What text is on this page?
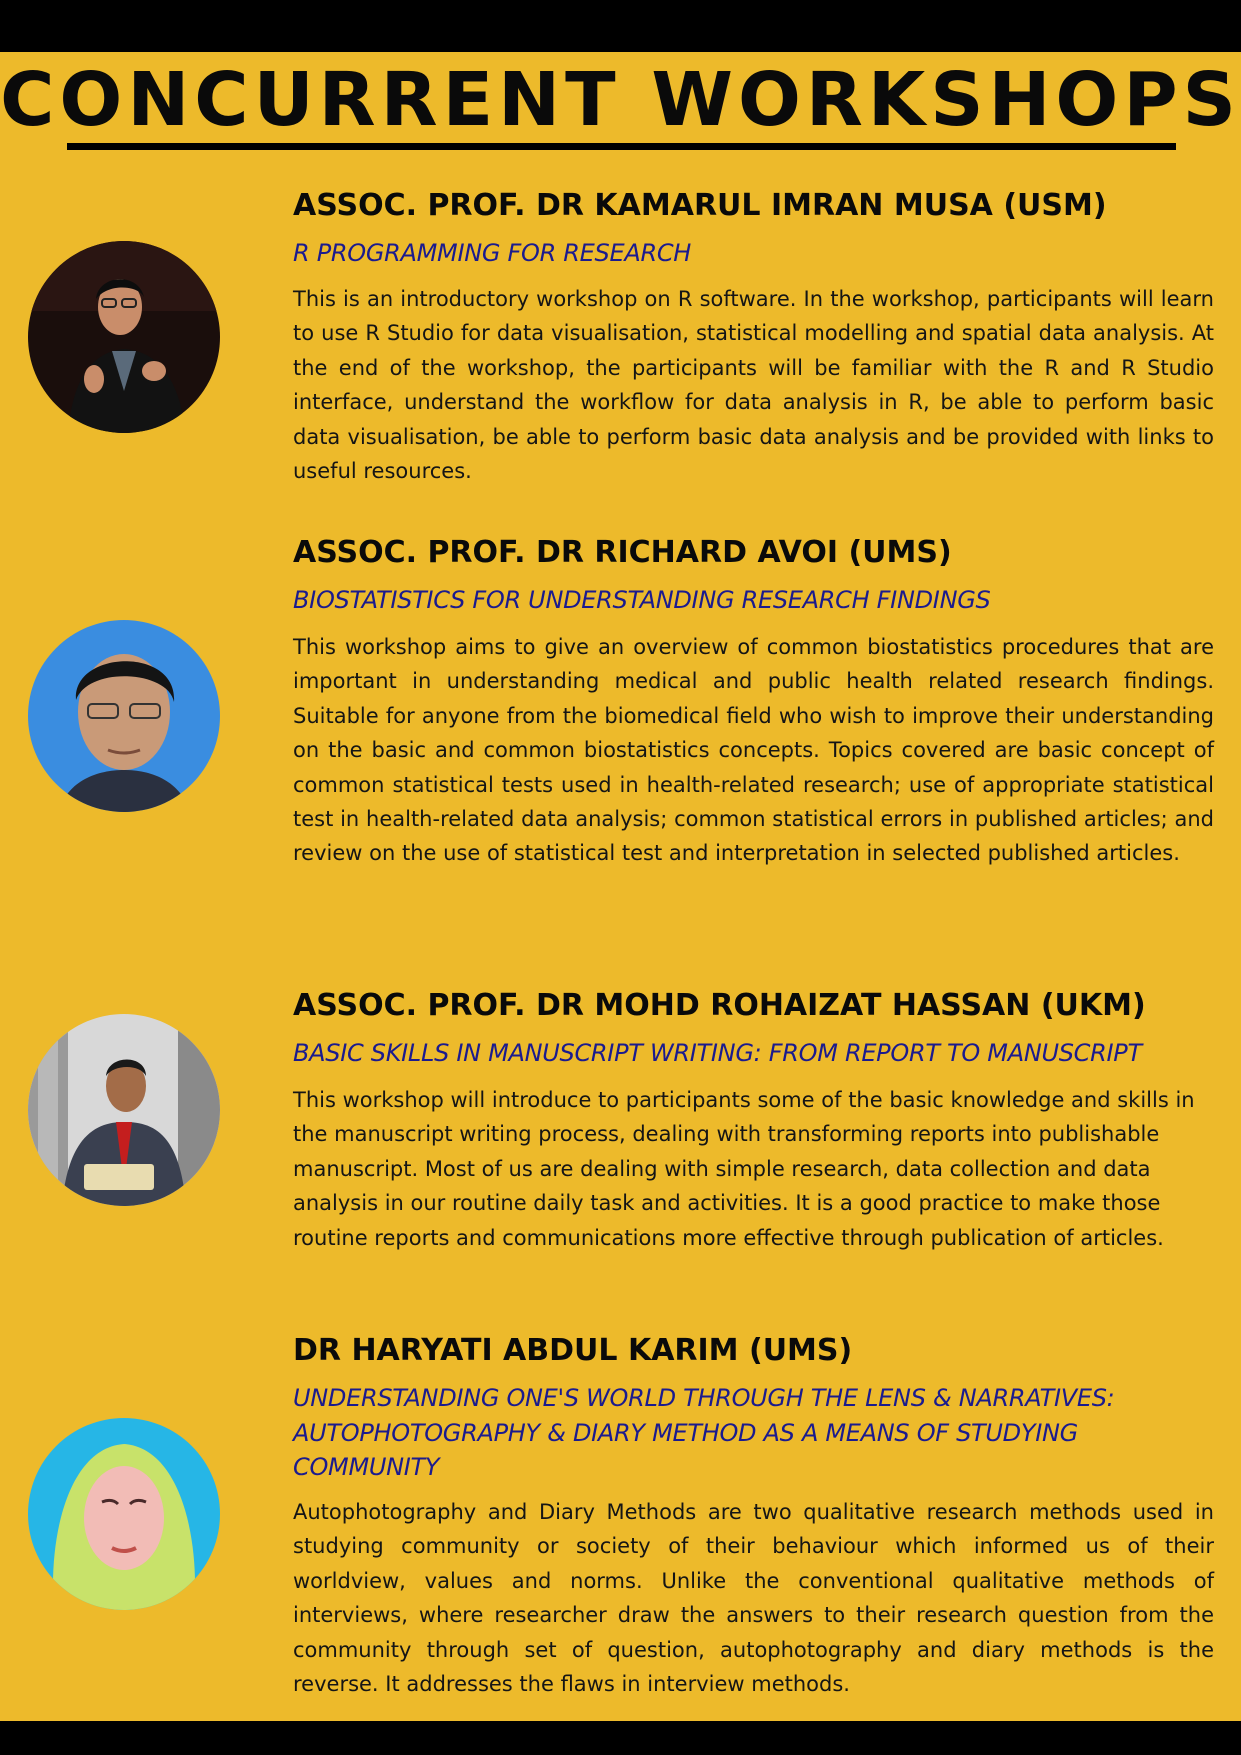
CONCURRENT WORKSHOPS
ASSOC. PROF. DR KAMARUL IMRAN MUSA (USM)
R PROGRAMMING FOR RESEARCH
This is an introductory workshop on R software. In the workshop, participants will learn to use R Studio for data visualisation, statistical modelling and spatial data analysis. At the end of the workshop, the participants will be familiar with the R and R Studio interface, understand the workflow for data analysis in R, be able to perform basic data visualisation, be able to perform basic data analysis and be provided with links to useful resources.
ASSOC. PROF. DR RICHARD AVOI (UMS)
BIOSTATISTICS FOR UNDERSTANDING RESEARCH FINDINGS
This workshop aims to give an overview of common biostatistics procedures that are important in understanding medical and public health related research findings. Suitable for anyone from the biomedical field who wish to improve their understanding on the basic and common biostatistics concepts. Topics covered are basic concept of common statistical tests used in health-related research; use of appropriate statistical test in health-related data analysis; common statistical errors in published articles; and review on the use of statistical test and interpretation in selected published articles.
ASSOC. PROF. DR MOHD ROHAIZAT HASSAN (UKM)
BASIC SKILLS IN MANUSCRIPT WRITING: FROM REPORT TO MANUSCRIPT
This workshop will introduce to participants some of the basic knowledge and skills in the manuscript writing process, dealing with transforming reports into publishable manuscript. Most of us are dealing with simple research, data collection and data analysis in our routine daily task and activities. It is a good practice to make those routine reports and communications more effective through publication of articles.
DR HARYATI ABDUL KARIM (UMS)
UNDERSTANDING ONE'S WORLD THROUGH THE LENS & NARRATIVES: AUTOPHOTOGRAPHY & DIARY METHOD AS A MEANS OF STUDYING COMMUNITY
Autophotography and Diary Methods are two qualitative research methods used in studying community or society of their behaviour which informed us of their worldview, values and norms. Unlike the conventional qualitative methods of interviews, where researcher draw the answers to their research question from the community through set of question, autophotography and diary methods is the reverse. It addresses the flaws in interview methods.
